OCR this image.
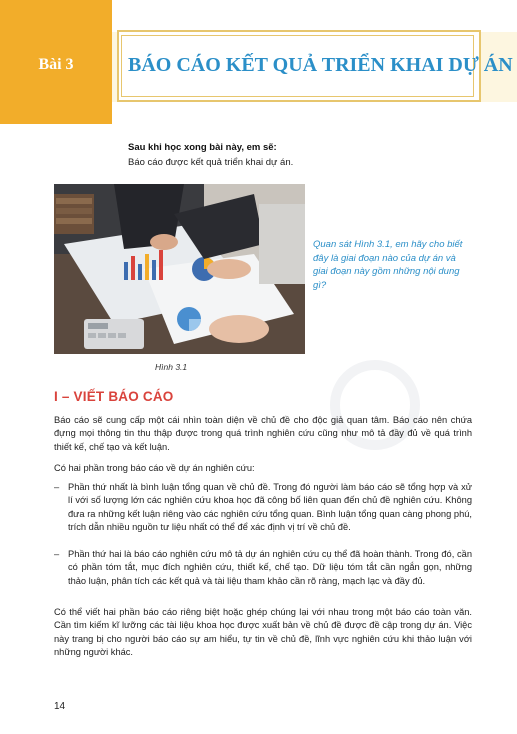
Bài 3	BÁO CÁO KẾT QUẢ TRIỂN KHAI DỰ ÁN
Sau khi học xong bài này, em sẽ:
Báo cáo được kết quả triển khai dự án.
Quan sát Hình 3.1, em hãy cho biết đây là giai đoạn nào của dự án và giai đoạn này gồm những nội dung gì?
Hình 3.1
I – VIẾT BÁO CÁO

Báo cáo sẽ cung cấp một cái nhìn toàn diện về chủ đề cho độc giả quan tâm. Báo cáo nên chứa đựng mọi thông tin thu thập được trong quá trình nghiên cứu cũng như mô tả đầy đủ về quá trình thiết kế, chế tạo và kết luận.

Có hai phần trong báo cáo về dự án nghiên cứu:

– Phần thứ nhất là bình luận tổng quan về chủ đề. Trong đó người làm báo cáo sẽ tổng hợp và xử lí với số lượng lớn các nghiên cứu khoa học đã công bố liên quan đến chủ đề nghiên cứu. Không đưa ra những kết luận riêng vào các nghiên cứu tổng quan. Bình luận tổng quan càng phong phú, trích dẫn nhiều nguồn tư liệu nhất có thể để xác định vị trí về chủ đề.
– Phần thứ hai là báo cáo nghiên cứu mô tả dự án nghiên cứu cụ thể đã hoàn thành. Trong đó, cần có phần tóm tắt, mục đích nghiên cứu, thiết kế, chế tạo. Dữ liệu tóm tắt cần ngắn gọn, những thảo luận, phân tích các kết quả và tài liệu tham khảo cần rõ ràng, mạch lạc và đầy đủ.

Có thể viết hai phần báo cáo riêng biệt hoặc ghép chúng lại với nhau trong một báo cáo toàn văn. Cần tìm kiếm kĩ lưỡng các tài liệu khoa học được xuất bản về chủ đề được đề cập trong dự án. Việc này trang bị cho người báo cáo sự am hiểu, tự tin về chủ đề, lĩnh vực nghiên cứu khi thảo luận với những người khác.

14
